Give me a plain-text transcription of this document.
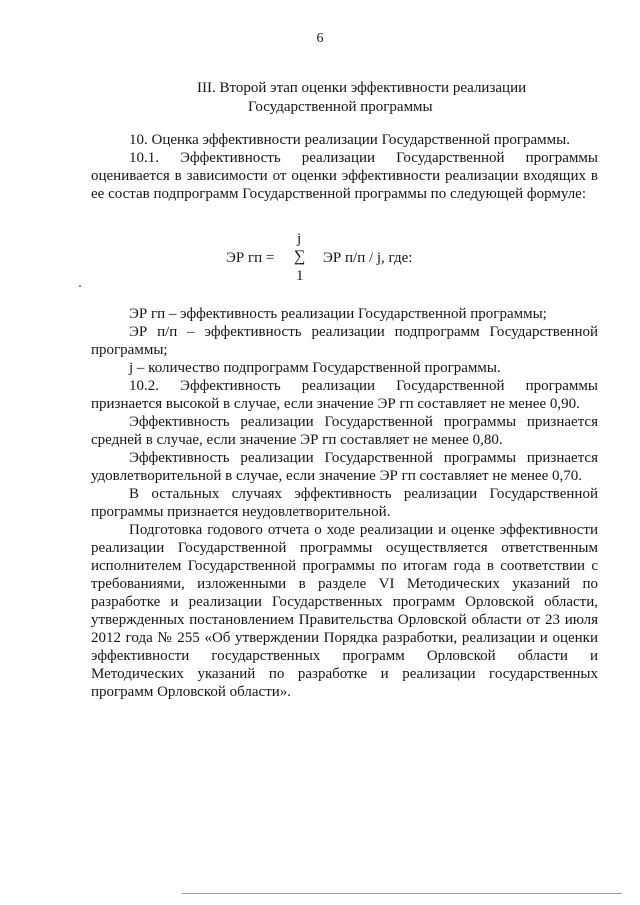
6
III. Второй этап оценки эффективности реализации
Государственной программы

10. Оценка эффективности реализации Государственной программы.

10.1. Эффективность реализации Государственной программы оценивается в зависимости от оценки эффективности реализации входящих в ее состав подпрограмм Государственной программы по следующей формуле:

ЭР гп =
j
∑
1
ЭР п/п / j, где:

ЭР гп – эффективность реализации Государственной программы;

ЭР п/п – эффективность реализации подпрограмм Государственной программы;

j – количество подпрограмм Государственной программы.

10.2. Эффективность реализации Государственной программы признается высокой в случае, если значение ЭР гп составляет не менее 0,90.

Эффективность реализации Государственной программы признается средней в случае, если значение ЭР гп составляет не менее 0,80.

Эффективность реализации Государственной программы признается удовлетворительной в случае, если значение ЭР гп составляет не менее 0,70.

В остальных случаях эффективность реализации Государственной программы признается неудовлетворительной.

Подготовка годового отчета о ходе реализации и оценке эффективности реализации Государственной программы осуществляется ответственным исполнителем Государственной программы по итогам года в соответствии с требованиями, изложенными в разделе VI Методических указаний по разработке и реализации Государственных программ Орловской области, утвержденных постановлением Правительства Орловской области от 23 июля 2012 года № 255 «Об утверждении Порядка разработки, реализации и оценки эффективности государственных программ Орловской области и Методических указаний по разработке и реализации государственных программ Орловской области».
